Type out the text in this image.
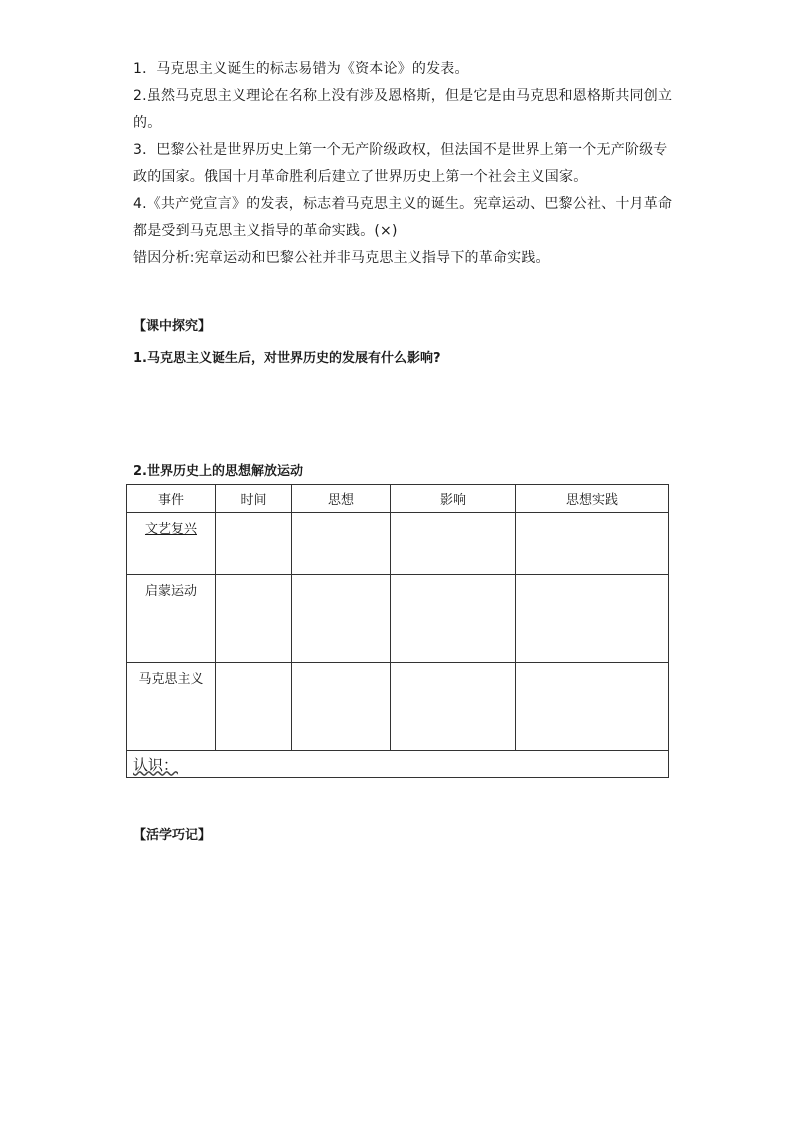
1．马克思主义诞生的标志易错为《资本论》的发表。

2.虽然马克思主义理论在名称上没有涉及恩格斯，但是它是由马克思和恩格斯共同创立的。

3．巴黎公社是世界历史上第一个无产阶级政权，但法国不是世界上第一个无产阶级专政的国家。俄国十月革命胜利后建立了世界历史上第一个社会主义国家。

4.《共产党宣言》的发表，标志着马克思主义的诞生。宪章运动、巴黎公社、十月革命都是受到马克思主义指导的革命实践。(×)

错因分析:宪章运动和巴黎公社并非马克思主义指导下的革命实践。

【课中探究】

1.马克思主义诞生后，对世界历史的发展有什么影响?

2.世界历史上的思想解放运动

事件	时间	思想	影响	思想实践
文艺复兴				
启蒙运动				
马克思主义				
认识：				

【活学巧记】
